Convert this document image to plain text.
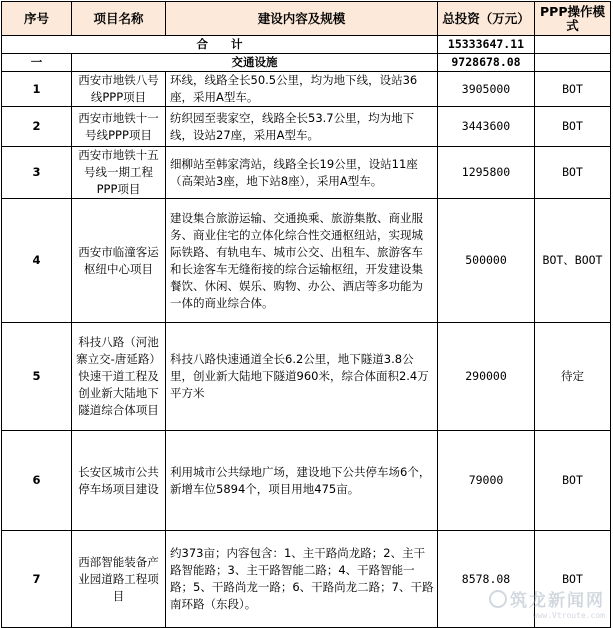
序号	项目名称	建设内容及规模	总投资（万元）	PPP操作模式
合　　计			15333647.11	
一	交通设施		9728678.08	
1	西安市地铁八号线PPP项目	环线，线路全长50.5公里，均为地下线，设站36座，采用A型车。	3905000	BOT
2	西安市地铁十一号线PPP项目	纺织园至裴家空，线路全长53.7公里，均为地下线，设站27座，采用A型车。	3443600	BOT
3	西安市地铁十五号线一期工程PPP项目	细柳站至韩家湾站，线路全长19公里，设站11座（高架站3座，地下站8座），采用A型车。	1295800	BOT
4	西安市临潼客运枢纽中心项目	建设集合旅游运输、交通换乘、旅游集散、商业服务、商业住宅的立体化综合性交通枢纽站，实现城际铁路、有轨电车、城市公交、出租车、旅游客车和长途客车无缝衔接的综合运输枢纽，开发建设集餐饮、休闲、娱乐、购物、办公、酒店等多功能为一体的商业综合体。	500000	BOT、BOOT
5	科技八路（河池寨立交-唐延路）快速干道工程及创业新大陆地下隧道综合体项目	科技八路快速通道全长6.2公里，地下隧道3.8公里，创业新大陆地下隧道960米，综合体面积2.4万平方米	290000	待定
6	长安区城市公共停车场项目建设	利用城市公共绿地广场，建设地下公共停车场6个，新增车位5894个，项目用地475亩。	79000	BOT
7	西部智能装备产业园道路工程项目	约373亩；内容包含：1、主干路尚龙路；2、主干路智能路；3、主干路智能二路；4、干路智能一路；5、干路尚龙一路；6、干路尚龙二路；7、干路南环路（东段）。	8578.08	BOT
筑龙新闻网
www.Vtroute.com
